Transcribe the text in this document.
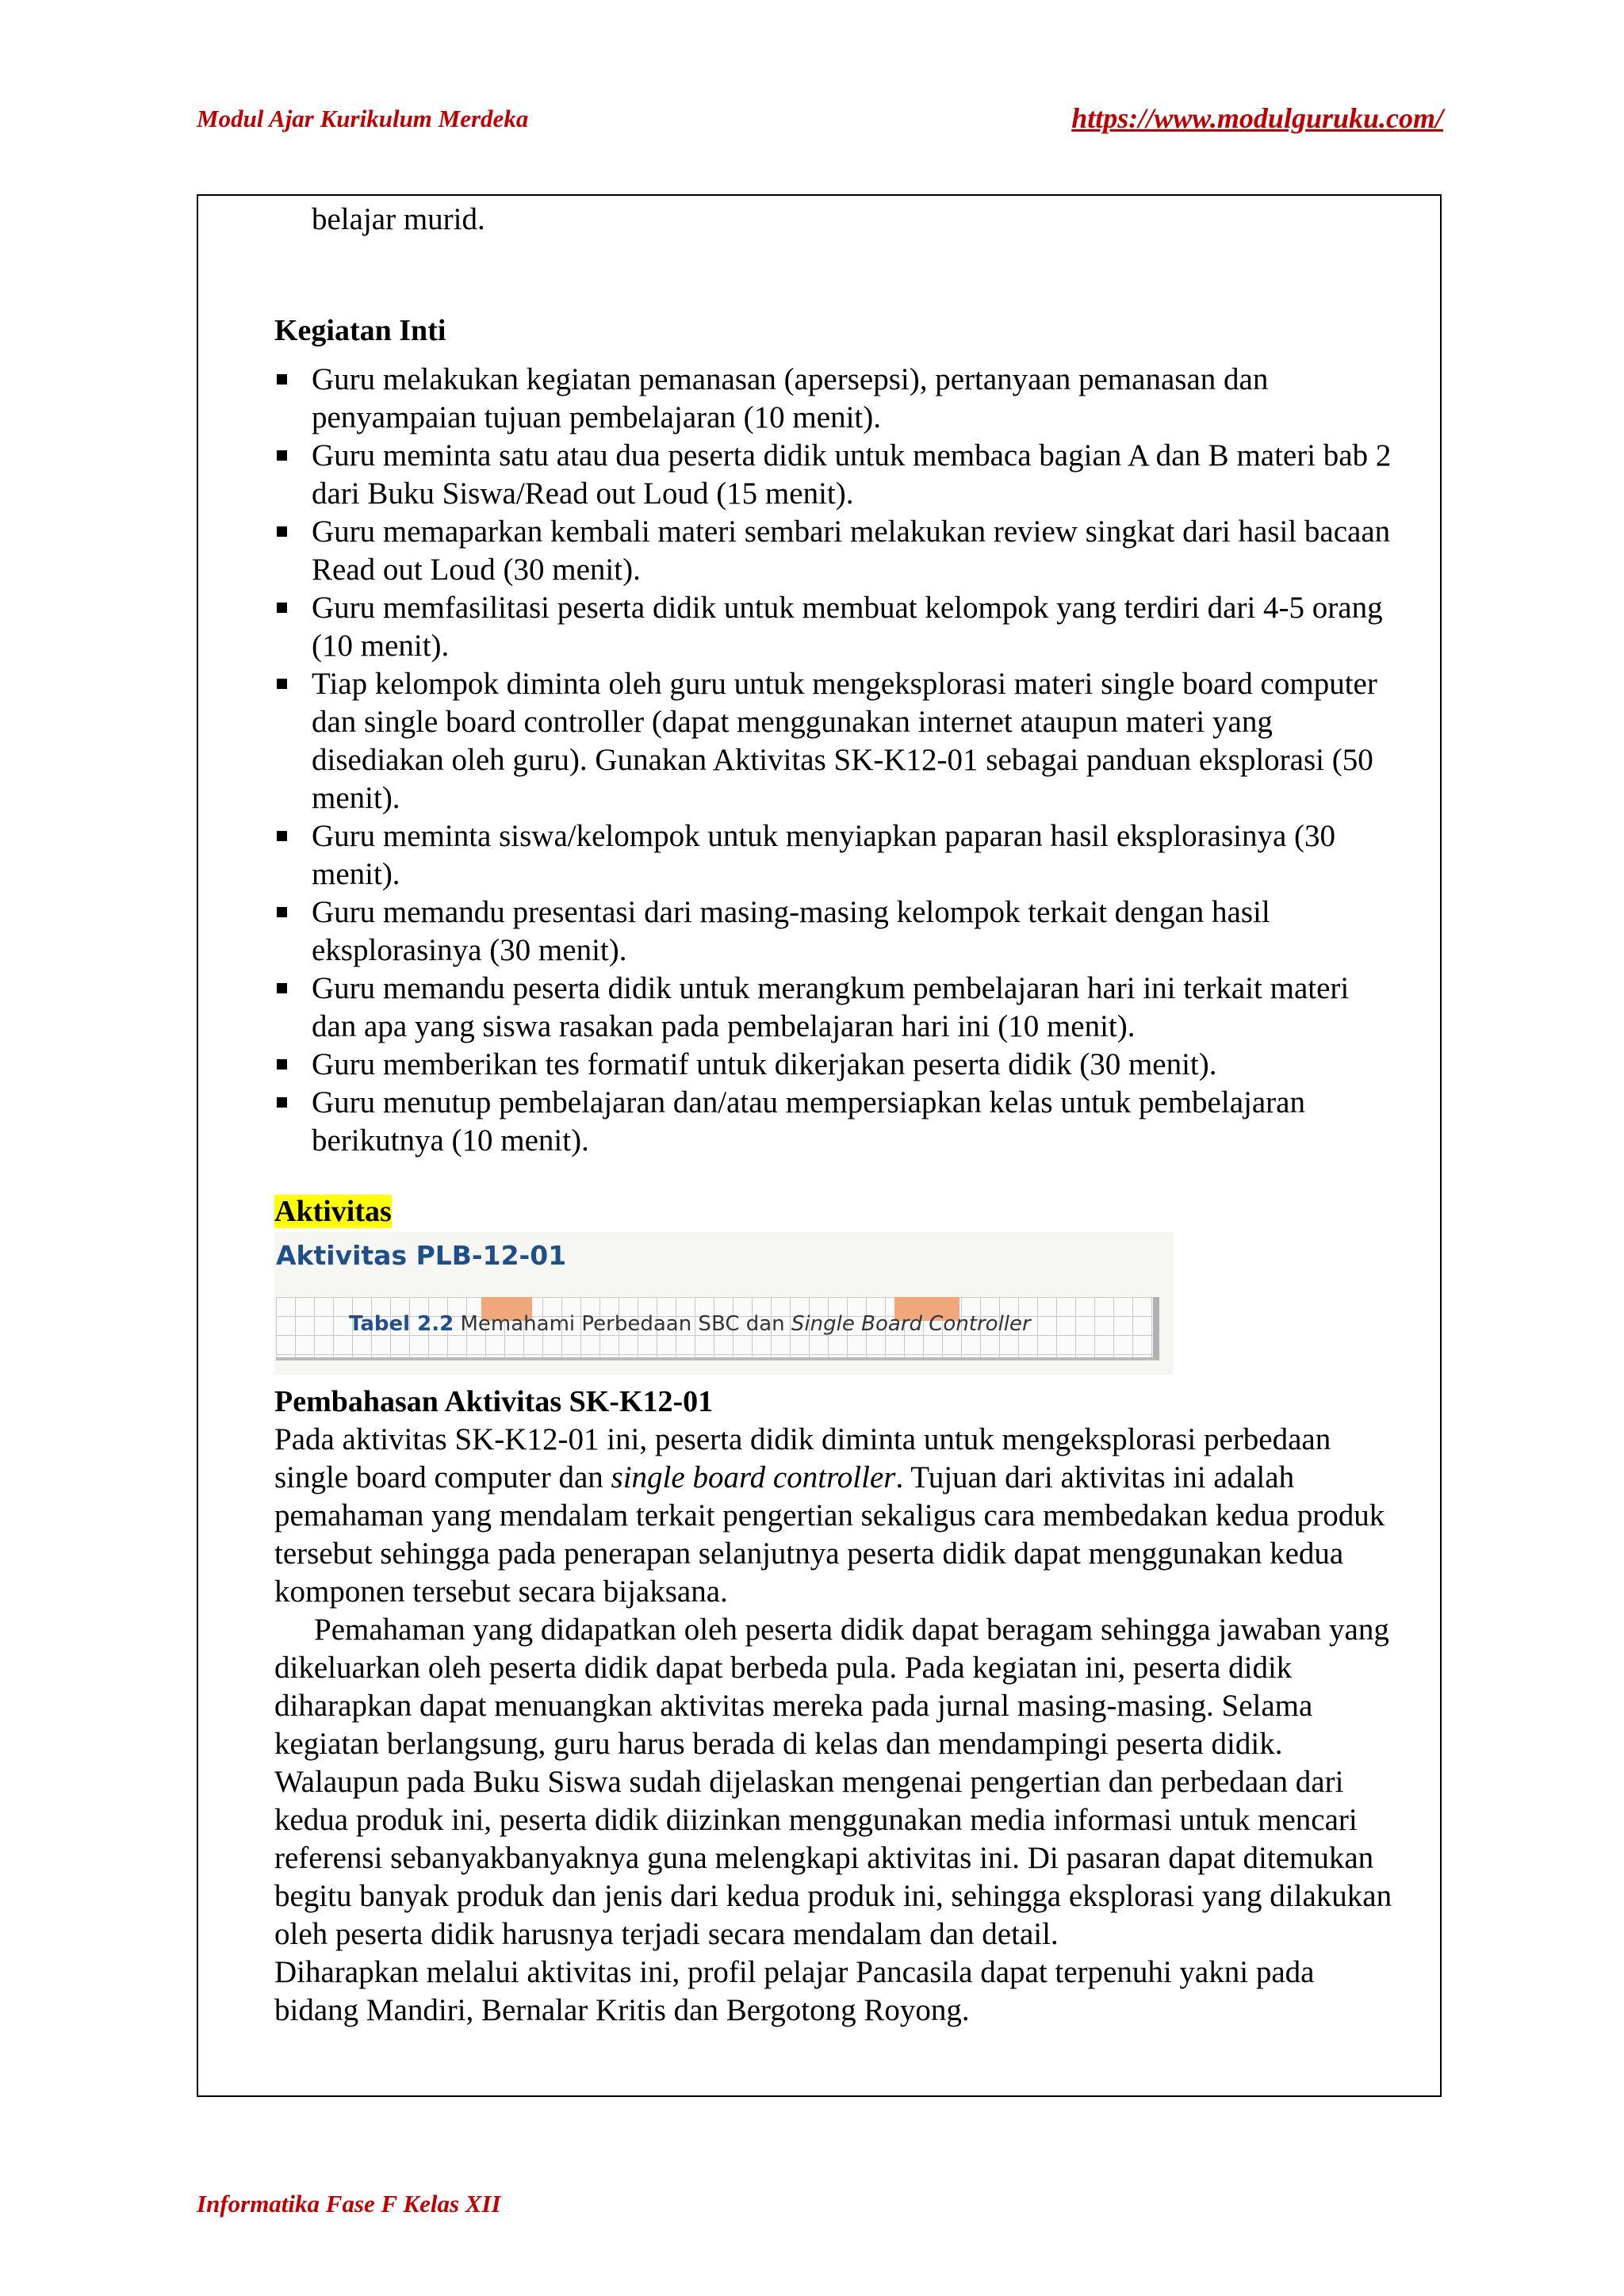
Modul Ajar Kurikulum Merdeka	https://www.modulguruku.com/
belajar murid.
Kegiatan Inti
Guru melakukan kegiatan pemanasan (apersepsi), pertanyaan pemanasan dan penyampaian tujuan pembelajaran (10 menit).
Guru meminta satu atau dua peserta didik untuk membaca bagian A dan B materi bab 2 dari Buku Siswa/Read out Loud (15 menit).
Guru memaparkan kembali materi sembari melakukan review singkat dari hasil bacaan Read out Loud (30 menit).
Guru memfasilitasi peserta didik untuk membuat kelompok yang terdiri dari 4-5 orang (10 menit).
Tiap kelompok diminta oleh guru untuk mengeksplorasi materi single board computer dan single board controller (dapat menggunakan internet ataupun materi yang disediakan oleh guru). Gunakan Aktivitas SK-K12-01 sebagai panduan eksplorasi (50 menit).
Guru meminta siswa/kelompok untuk menyiapkan paparan hasil eksplorasinya (30 menit).
Guru memandu presentasi dari masing-masing kelompok terkait dengan hasil eksplorasinya (30 menit).
Guru memandu peserta didik untuk merangkum pembelajaran hari ini terkait materi dan apa yang siswa rasakan pada pembelajaran hari ini (10 menit).
Guru memberikan tes formatif untuk dikerjakan peserta didik (30 menit).
Guru menutup pembelajaran dan/atau mempersiapkan kelas untuk pembelajaran berikutnya (10 menit).
Aktivitas
Aktivitas PLB-12-01
Tabel 2.2 Memahami Perbedaan SBC dan Single Board Controller
Pembahasan Aktivitas SK-K12-01

Pada aktivitas SK-K12-01 ini, peserta didik diminta untuk mengeksplorasi perbedaan single board computer dan single board controller. Tujuan dari aktivitas ini adalah pemahaman yang mendalam terkait pengertian sekaligus cara membedakan kedua produk tersebut sehingga pada penerapan selanjutnya peserta didik dapat menggunakan kedua komponen tersebut secara bijaksana.

Pemahaman yang didapatkan oleh peserta didik dapat beragam sehingga jawaban yang dikeluarkan oleh peserta didik dapat berbeda pula. Pada kegiatan ini, peserta didik diharapkan dapat menuangkan aktivitas mereka pada jurnal masing-masing. Selama kegiatan berlangsung, guru harus berada di kelas dan mendampingi peserta didik. Walaupun pada Buku Siswa sudah dijelaskan mengenai pengertian dan perbedaan dari kedua produk ini, peserta didik diizinkan menggunakan media informasi untuk mencari referensi sebanyakbanyaknya guna melengkapi aktivitas ini. Di pasaran dapat ditemukan begitu banyak produk dan jenis dari kedua produk ini, sehingga eksplorasi yang dilakukan oleh peserta didik harusnya terjadi secara mendalam dan detail.

Diharapkan melalui aktivitas ini, profil pelajar Pancasila dapat terpenuhi yakni pada bidang Mandiri, Bernalar Kritis dan Bergotong Royong.

Informatika Fase F Kelas XII
